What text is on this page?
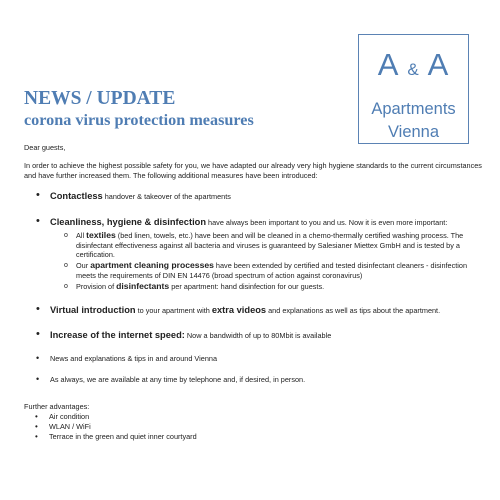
A & A
Apartments
Vienna
NEWS / UPDATE
corona virus protection measures

Dear guests,

In order to achieve the highest possible safety for you, we have adapted our already very high hygiene standards to the current circumstances and have further increased them. The following additional measures have been introduced:

• Contactless handover & takeover of the apartments
• Cleanliness, hygiene & disinfection have always been important to you and us. Now it is even more important:
o All textiles (bed linen, towels, etc.) have been and will be cleaned in a chemo-thermally certified washing process. The disinfectant effectiveness against all bacteria and viruses is guaranteed by Salesianer Miettex GmbH and is tested by a certification.
o Our apartment cleaning processes have been extended by certified and tested disinfectant cleaners - disinfection meets the requirements of DIN EN 14476 (broad spectrum of action against coronavirus)
o Provision of disinfectants per apartment: hand disinfection for our guests.
• Virtual introduction to your apartment with extra videos and explanations as well as tips about the apartment.
• Increase of the internet speed: Now a bandwidth of up to 80Mbit is available
• News and explanations & tips in and around Vienna
• As always, we are available at any time by telephone and, if desired, in person.
Further advantages:
• Air condition
• WLAN / WiFi
• Terrace in the green and quiet inner courtyard
